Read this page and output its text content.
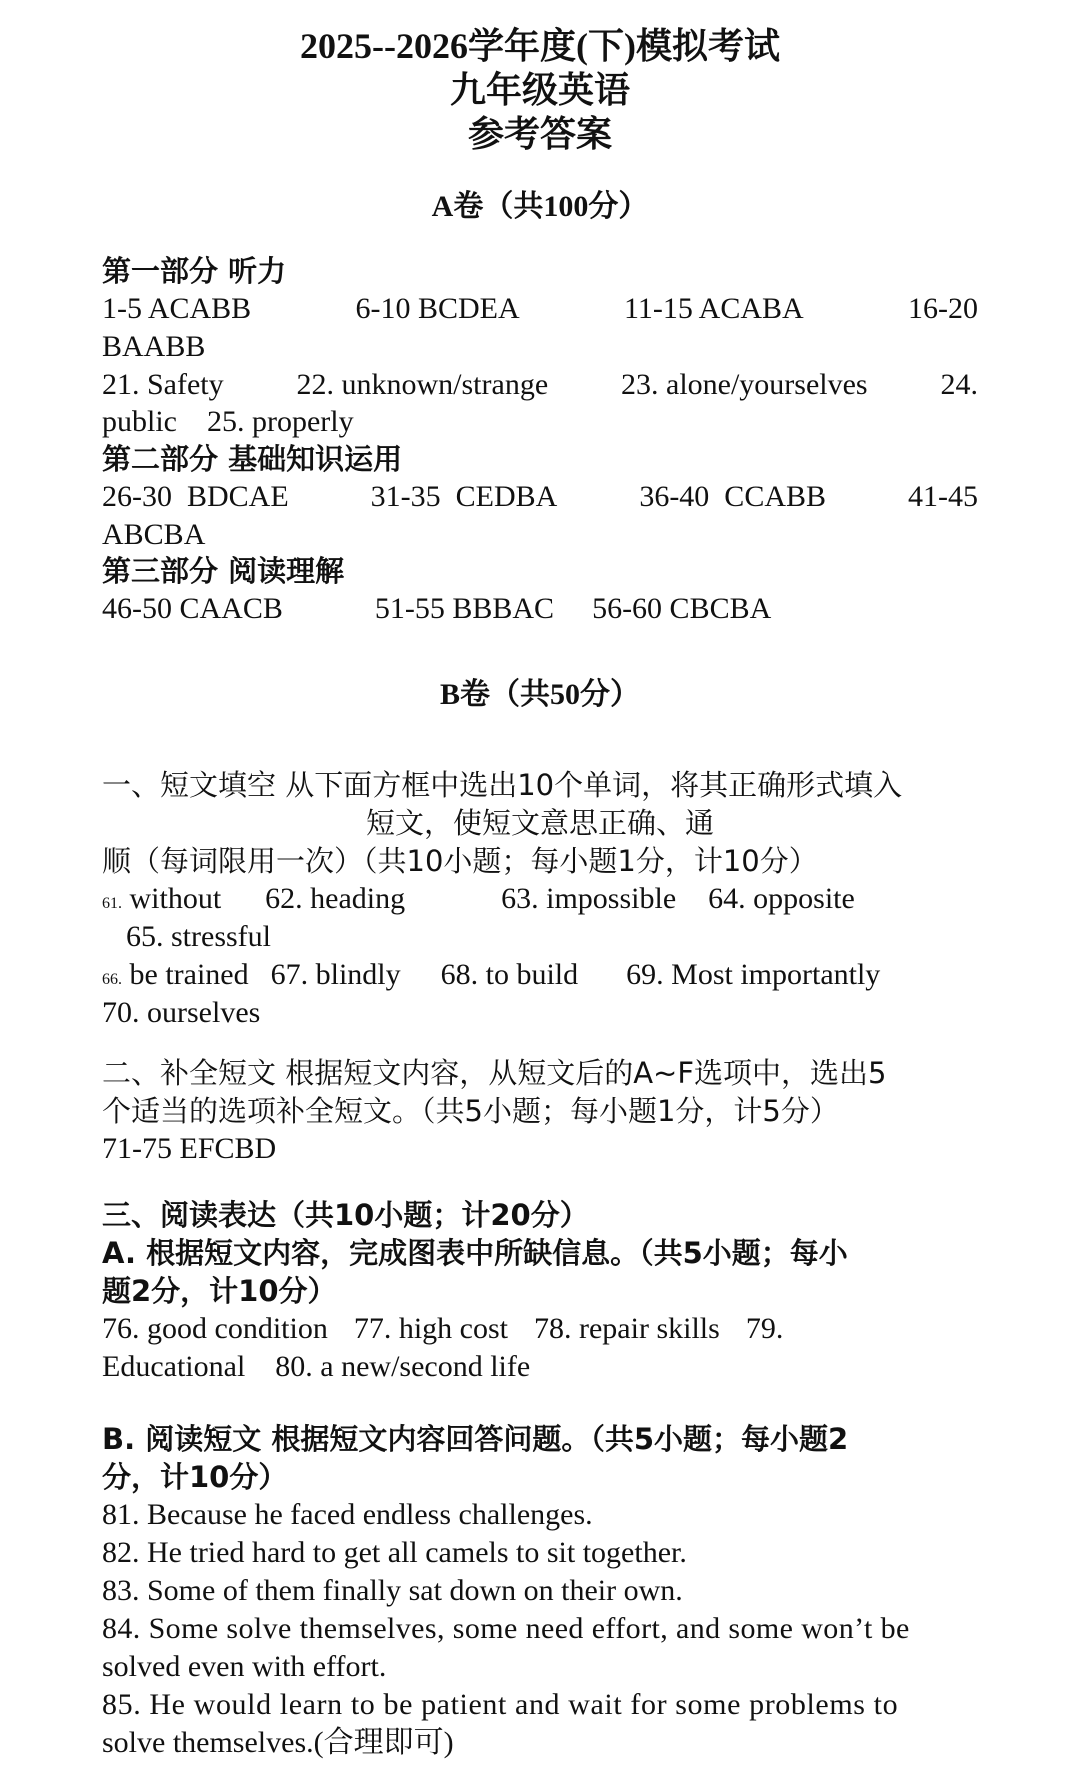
2025--2026学年度(下)模拟考试
九年级英语
参考答案
A卷（共100分）
第一部分 听力
1-5 ACABB	6-10 BCDEA	11-15 ACABA	16-20
BAABB
21. Safety 22. unknown/strange 23. alone/yourselves 24.
public    25. properly
第二部分 基础知识运用
26-30  BDCAE	31-35  CEDBA	36-40  CCABB	41-45
ABCBA
第三部分 阅读理解
46-50 CAACB	51-55 BBBAC 56-60 CBCBA
B卷（共50分）
一、短文填空 从下面方框中选出10个单词，将其正确形式填入
短文，使短文意思正确、通
顺（每词限用一次）（共10小题；每小题1分，计10分）
61. without 62. heading	63. impossible 64. opposite
65. stressful
66. be trained 67. blindly 68. to build 69. Most importantly
70. ourselves
二、补全短文 根据短文内容，从短文后的A~F选项中，选出5
个适当的选项补全短文。（共5小题；每小题1分，计5分）
71-75 EFCBD
三、阅读表达（共10小题；计20分）
A. 根据短文内容，完成图表中所缺信息。（共5小题；每小
题2分，计10分）
76. good condition 77. high cost 78. repair skills 79.
Educational    80. a new/second life
B. 阅读短文 根据短文内容回答问题。（共5小题；每小题2
分，计10分）
81. Because he faced endless challenges.
82. He tried hard to get all camels to sit together.
83. Some of them finally sat down on their own.
84. Some solve themselves, some need effort, and some won’t be
solved even with effort.
85. He would learn to be patient and wait for some problems to
solve themselves.(合理即可)
